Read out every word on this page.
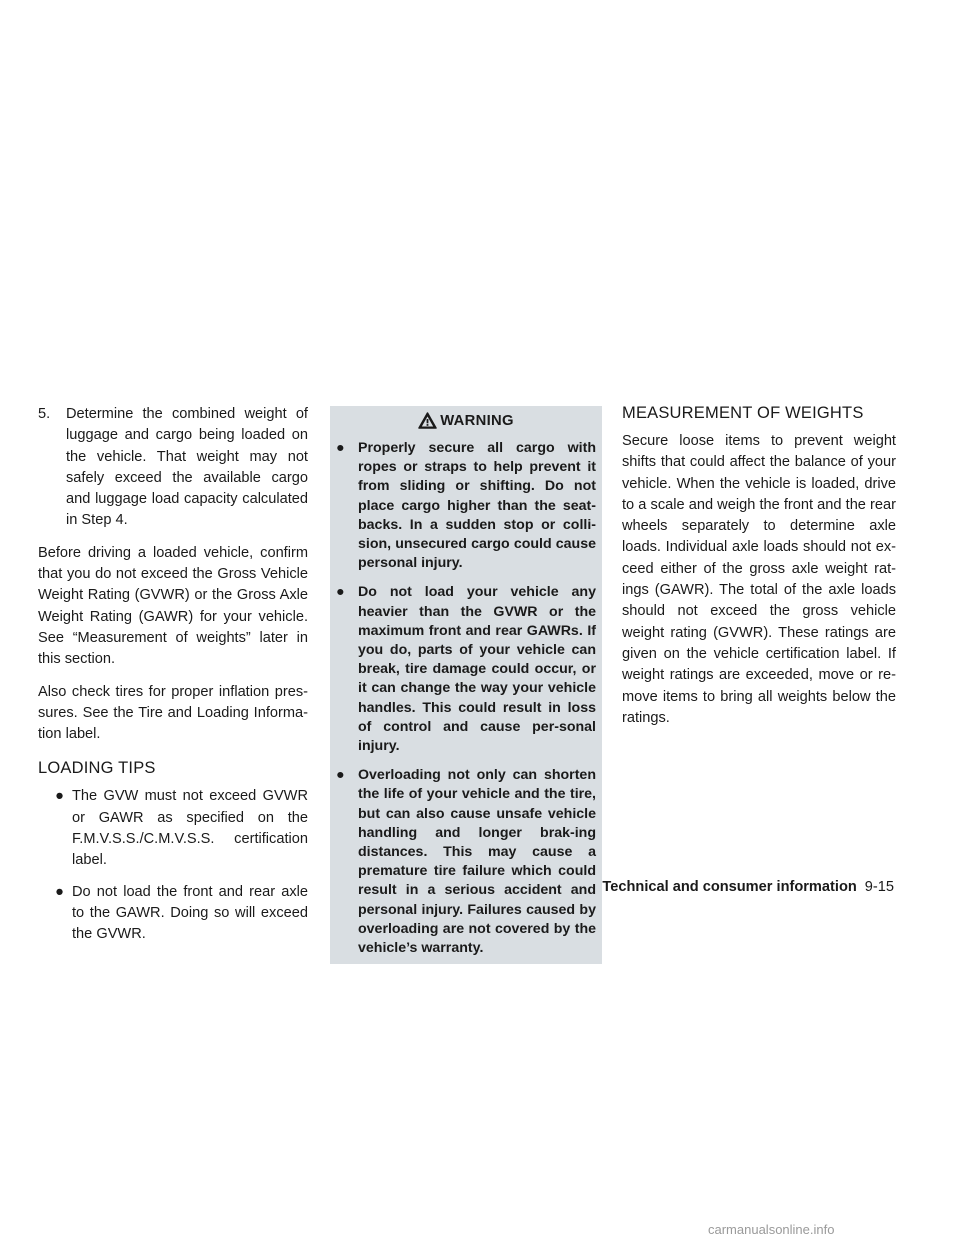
5.	Determine the combined weight of luggage and cargo being loaded on the vehicle. That weight may not safely exceed the available cargo and luggage load capacity calculated in Step 4.

Before driving a loaded vehicle, confirm that you do not exceed the Gross Vehicle Weight Rating (GVWR) or the Gross Axle Weight Rating (GAWR) for your vehicle. See “Measurement of weights” later in this section.

Also check tires for proper inflation pres-sures. See the Tire and Loading Informa-tion label.

LOADING TIPS
● The GVW must not exceed GVWR or GAWR as specified on the F.M.V.S.S./C.M.V.S.S. certification label.
● Do not load the front and rear axle to the GAWR. Doing so will exceed the GVWR.
WARNING
● Properly secure all cargo with ropes or straps to help prevent it from sliding or shifting. Do not place cargo higher than the seat-backs. In a sudden stop or colli-sion, unsecured cargo could cause personal injury.
● Do not load your vehicle any heavier than the GVWR or the maximum front and rear GAWRs. If you do, parts of your vehicle can break, tire damage could occur, or it can change the way your vehicle handles. This could result in loss of control and cause per-sonal injury.
● Overloading not only can shorten the life of your vehicle and the tire, but can also cause unsafe vehicle handling and longer brak-ing distances. This may cause a premature tire failure which could result in a serious accident and personal injury. Failures caused by overloading are not covered by the vehicle’s warranty.
MEASUREMENT OF WEIGHTS

Secure loose items to prevent weight shifts that could affect the balance of your vehicle. When the vehicle is loaded, drive to a scale and weigh the front and the rear wheels separately to determine axle loads. Individual axle loads should not ex-ceed either of the gross axle weight rat-ings (GAWR). The total of the axle loads should not exceed the gross vehicle weight rating (GVWR). These ratings are given on the vehicle certification label. If weight ratings are exceeded, move or re-move items to bring all weights below the ratings.

Technical and consumer information 9-15
carmanualsonline.info
